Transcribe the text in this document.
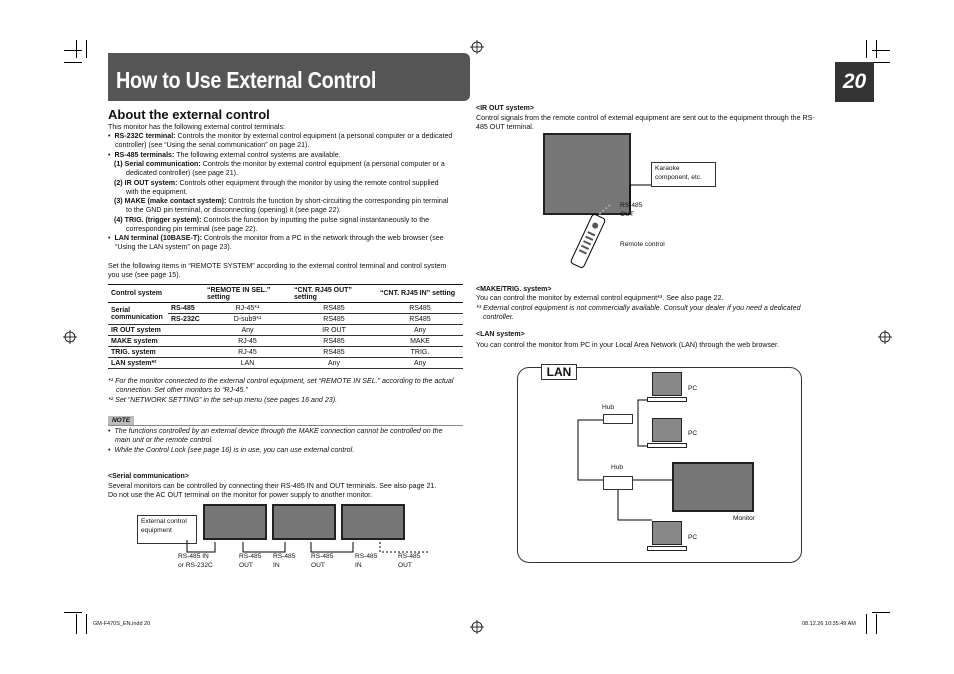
How to Use External Control	20
About the external control
This monitor has the following external control terminals:
•  RS-232C terminal: Controls the monitor by external control equipment (a personal computer or a dedicated
controller) (see “Using the serial communication” on page 21).
•  RS-485 terminals: The following external control systems are available.
(1) Serial communication: Controls the monitor by external control equipment (a personal computer or a
dedicated controller) (see page 21).
(2) IR OUT system: Controls other equipment through the monitor by using the remote control supplied
with the equipment.
(3) MAKE (make contact system): Controls the function by short-circuiting the corresponding pin terminal
to the GND pin terminal, or disconnecting (opening) it (see page 22).
(4) TRIG. (trigger system): Controls the function by inputting the pulse signal instantaneously to the
corresponding pin terminal (see page 22).
•  LAN terminal (10BASE-T): Controls the monitor from a PC in the network through the web browser (see
“Using the LAN system” on page 23).
Set the following items in “REMOTE SYSTEM” according to the external control terminal and control system
you use (see page 15).
Control system		“REMOTE IN SEL.” setting	“CNT. RJ45 OUT” setting	“CNT. RJ45 IN” setting
Serial communication	RS-485	RJ-45*¹	RS485	RS485
	RS-232C	D-sub9*¹	RS485	RS485
IR OUT system		Any	IR OUT	Any
MAKE system		RJ-45	RS485	MAKE
TRIG. system		RJ-45	RS485	TRIG.
LAN system*²		LAN	Any	Any
*¹ For the monitor connected to the external control equipment, set “REMOTE IN SEL.” according to the actual
connection. Set other monitors to “RJ-45.”
*² Set “NETWORK SETTING” in the set-up menu (see pages 16 and 23).
NOTE
•  The functions controlled by an external device through the MAKE connection cannot be controlled on the
main unit or the remote control.
•  While the Control Lock (see page 16) is in use, you can use external control.
<Serial communication>
Several monitors can be controlled by connecting their RS-485 IN and OUT terminals. See also page 21.
Do not use the AC OUT terminal on the monitor for power supply to another monitor.
External control equipment
RS-485 IN
or RS-232C
RS-485
OUT
RS-485
IN
RS-485
OUT
RS-485
IN
RS-485
OUT
<IR OUT system>
Control signals from the remote control of external equipment are sent out to the equipment through the RS-
485 OUT terminal.
Karaoke
component, etc.
RS-485
OUT
Remote control
<MAKE/TRIG. system>
You can control the monitor by external control equipment*³. See also page 22.
*³ External control equipment is not commercially available. Consult your dealer if you need a dedicated
controller.
<LAN system>
You can control the monitor from PC in your Local Area Network (LAN) through the web browser.
LAN
Hub
Hub
PC
PC
Monitor
PC
GM-F470S_EN.indd 20	08.12.26 10:35:49 AM
